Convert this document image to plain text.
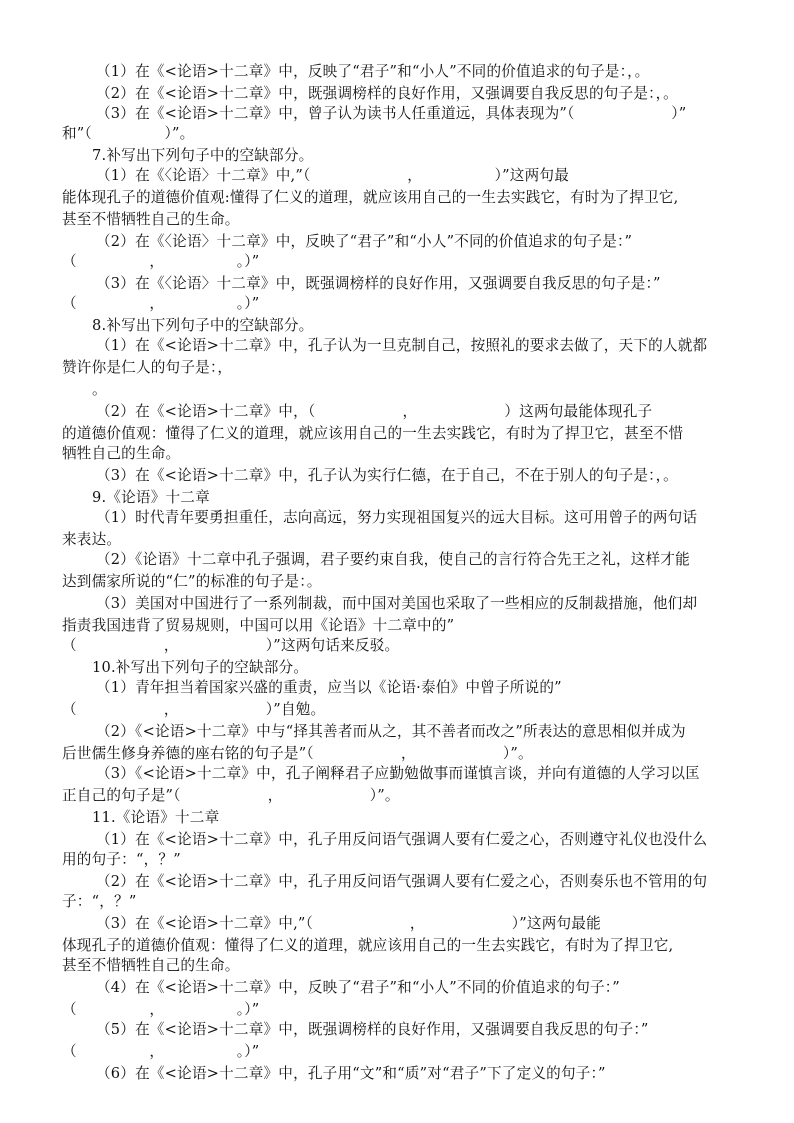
（1）在《<论语>十二章》中，反映了“君子”和“小人”不同的价值追求的句子是：，。
（2）在《<论语>十二章》中，既强调榜样的良好作用，又强调要自我反思的句子是：，。
（3）在《<论语>十二章》中，曾子认为读书人任重道远，具体表现为”（                    ）”
和”（               ）”。
7.补写出下列句子中的空缺部分。
（1）在《〈论语〉十二章》中,”（                    ，               ）”这两句最
能体现孔子的道德价值观:懂得了仁义的道理，就应该用自己的一生去实践它，有时为了捍卫它,
甚至不惜牺牲自己的生命。
（2）在《〈论语〉十二章》中，反映了“君子”和“小人”不同的价值追求的句子是：”
（               ，               。）”
（3）在《〈论语〉十二章》中，既强调榜样的良好作用，又强调要自我反思的句子是：”
（               ，               。）”
8.补写出下列句子中的空缺部分。
（1）在《<论语>十二章》中，孔子认为一旦克制自己，按照礼的要求去做了，天下的人就都
赞许你是仁人的句子是：，
。
（2）在《<论语>十二章》中，（                  ，                  ）这两句最能体现孔子
的道德价值观：懂得了仁义的道理，就应该用自己的一生去实践它，有时为了捍卫它，甚至不惜
牺牲自己的生命。
（3）在《<论语>十二章》中，孔子认为实行仁德，在于自己，不在于别人的句子是：，。
9.《论语》十二章
（1）时代青年要勇担重任，志向高远，努力实现祖国复兴的远大目标。这可用曾子的两句话
来表达。
（2）《论语》十二章中孔子强调，君子要约束自我，使自己的言行符合先王之礼，这样才能
达到儒家所说的“仁”的标准的句子是：。
（3）美国对中国进行了一系列制裁，而中国对美国也采取了一些相应的反制裁措施，他们却
指责我国违背了贸易规则，中国可以用《论语》十二章中的”
（                  ，                  ）”这两句话来反驳。
10.补写出下列句子的空缺部分。
（1）青年担当着国家兴盛的重责，应当以《论语·泰伯》中曾子所说的”
（                  ，                  ）”自勉。
（2）《<论语>十二章》中与“择其善者而从之，其不善者而改之”所表达的意思相似并成为
后世儒生修身养德的座右铭的句子是”（                  ，                  ）”。
（3）《<论语>十二章》中，孔子阐释君子应勤勉做事而谨慎言谈，并向有道德的人学习以匡
正自己的句子是”（                  ，                  ）”。
11.《论语》十二章
（1）在《<论语>十二章》中，孔子用反问语气强调人要有仁爱之心，否则遵守礼仪也没什么
用的句子：“，？”
（2）在《<论语>十二章》中，孔子用反问语气强调人要有仁爱之心，否则奏乐也不管用的句
子：“，？”
（3）在《<论语>十二章》中,”（                    ，                  ）”这两句最能
体现孔子的道德价值观：懂得了仁义的道理，就应该用自己的一生去实践它，有时为了捍卫它,
甚至不惜牺牲自己的生命。
（4）在《<论语>十二章》中，反映了“君子”和“小人”不同的价值追求的句子：”
（               ，               。）”
（5）在《<论语>十二章》中，既强调榜样的良好作用，又强调要自我反思的句子：”
（               ，               。）”
（6）在《<论语>十二章》中，孔子用“文”和“质”对“君子”下了定义的句子：”
